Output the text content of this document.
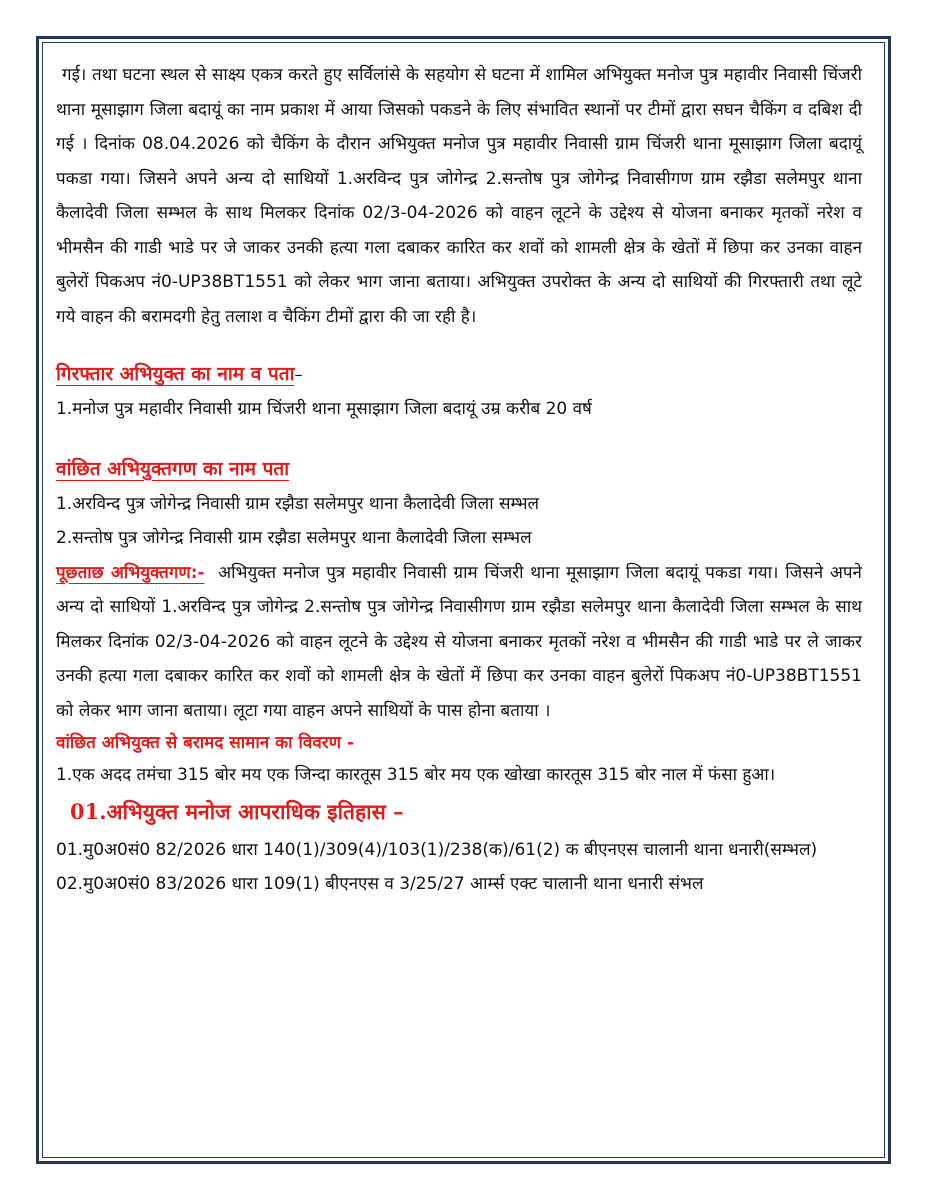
गई। तथा घटना स्थल से साक्ष्य एकत्र करते हुए सर्विलांसे के सहयोग से घटना में शामिल अभियुक्त मनोज पुत्र महावीर निवासी चिंजरी थाना मूसाझाग जिला बदायूं का नाम प्रकाश में आया जिसको पकडने के लिए संभावित स्थानों पर टीमों द्वारा सघन चैकिंग व दबिश दी गई । दिनांक 08.04.2026 को चैकिंग के दौरान अभियुक्त मनोज पुत्र महावीर निवासी ग्राम चिंजरी थाना मूसाझाग जिला बदायूं पकडा गया। जिसने अपने अन्य दो साथियों 1.अरविन्द पुत्र जोगेन्द्र 2.सन्तोष पुत्र जोगेन्द्र निवासीगण ग्राम रझैडा सलेमपुर थाना कैलादेवी जिला सम्भल के साथ मिलकर दिनांक 02/3-04-2026 को वाहन लूटने के उद्देश्य से योजना बनाकर मृतकों नरेश व भीमसैन की गाडी भाडे पर जे जाकर उनकी हत्या गला दबाकर कारित कर शवों को शामली क्षेत्र के खेतों में छिपा कर उनका वाहन बुलेरों पिकअप नं0-UP38BT1551 को लेकर भाग जाना बताया। अभियुक्त उपरोक्त के अन्य दो साथियों की गिरफ्तारी तथा लूटे गये वाहन की बरामदगी हेतु तलाश व चैकिंग टीमों द्वारा की जा रही है।

गिरफ्तार अभियुक्त का नाम व पता–

1.मनोज पुत्र महावीर निवासी ग्राम चिंजरी थाना मूसाझाग जिला बदायूं उम्र करीब 20 वर्ष

वांछित अभियुक्तगण का नाम पता

1.अरविन्द पुत्र जोगेन्द्र निवासी ग्राम रझैडा सलेमपुर थाना कैलादेवी जिला सम्भल

2.सन्तोष पुत्र जोगेन्द्र निवासी ग्राम रझैडा सलेमपुर थाना कैलादेवी जिला सम्भल

पूछताछ अभियुक्तगण:- अभियुक्त मनोज पुत्र महावीर निवासी ग्राम चिंजरी थाना मूसाझाग जिला बदायूं पकडा गया। जिसने अपने अन्य दो साथियों 1.अरविन्द पुत्र जोगेन्द्र 2.सन्तोष पुत्र जोगेन्द्र निवासीगण ग्राम रझैडा सलेमपुर थाना कैलादेवी जिला सम्भल के साथ मिलकर दिनांक 02/3-04-2026 को वाहन लूटने के उद्देश्य से योजना बनाकर मृतकों नरेश व भीमसैन की गाडी भाडे पर ले जाकर उनकी हत्या गला दबाकर कारित कर शवों को शामली क्षेत्र के खेतों में छिपा कर उनका वाहन बुलेरों पिकअप नं0-UP38BT1551 को लेकर भाग जाना बताया। लूटा गया वाहन अपने साथियों के पास होना बताया ।

वांछित अभियुक्त से बरामद सामान का विवरण -

1.एक अदद तमंचा 315 बोर मय एक जिन्दा कारतूस 315 बोर मय एक खोखा कारतूस 315 बोर नाल में फंसा हुआ।

01.अभियुक्त मनोज आपराधिक इतिहास –

01.मु0अ0सं0 82/2026 धारा 140(1)/309(4)/103(1)/238(क)/61(2) क बीएनएस चालानी थाना धनारी(सम्भल)

02.मु0अ0सं0 83/2026 धारा 109(1) बीएनएस व 3/25/27 आर्म्स एक्ट चालानी थाना धनारी संभल
